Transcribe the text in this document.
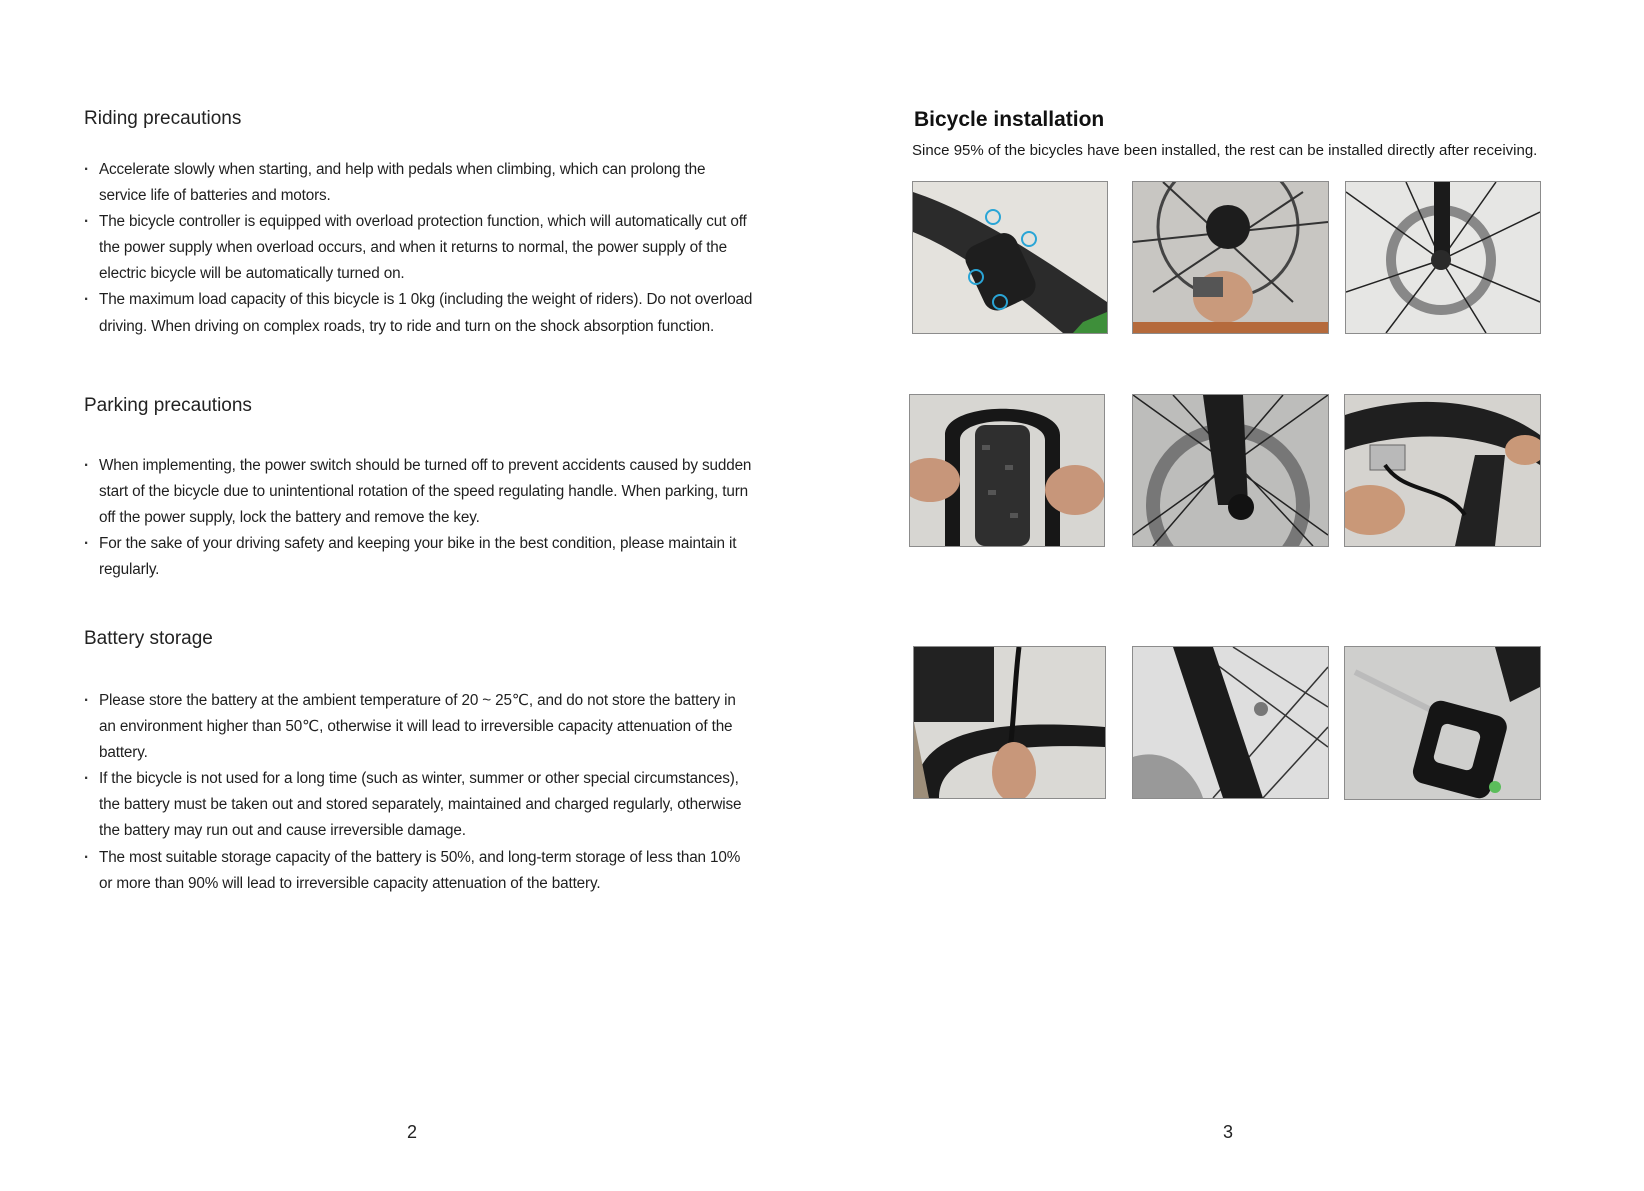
Riding precautions
· Accelerate slowly when starting, and help with pedals when climbing, which can prolong the service life of batteries and motors.
· The bicycle controller is equipped with overload protection function, which will automatically cut off the power supply when overload occurs, and when it returns to normal, the power supply of the electric bicycle will be automatically turned on.
· The maximum load capacity of this bicycle is 1 0kg (including the weight of riders). Do not overload driving. When driving on complex roads, try to ride and turn on the shock absorption function.
Parking precautions
· When implementing, the power switch should be turned off to prevent accidents caused by sudden start of the bicycle due to unintentional rotation of the speed regulating handle. When parking, turn off the power supply, lock the battery and remove the key.
· For the sake of your driving safety and keeping your bike in the best condition, please maintain it regularly.
Battery storage
· Please store the battery at the ambient temperature of 20 ~ 25℃, and do not store the battery in an environment higher than 50℃, otherwise it will lead to irreversible capacity attenuation of the battery.
· If the bicycle is not used for a long time (such as winter, summer or other special circumstances), the battery must be taken out and stored separately, maintained and charged regularly, otherwise the battery may run out and cause irreversible damage.
· The most suitable storage capacity of the battery is 50%, and long-term storage of less than 10% or more than 90% will lead to irreversible capacity attenuation of the battery.
2
Bicycle installation

Since 95% of the bicycles have been installed, the rest can be installed directly after receiving.

3
